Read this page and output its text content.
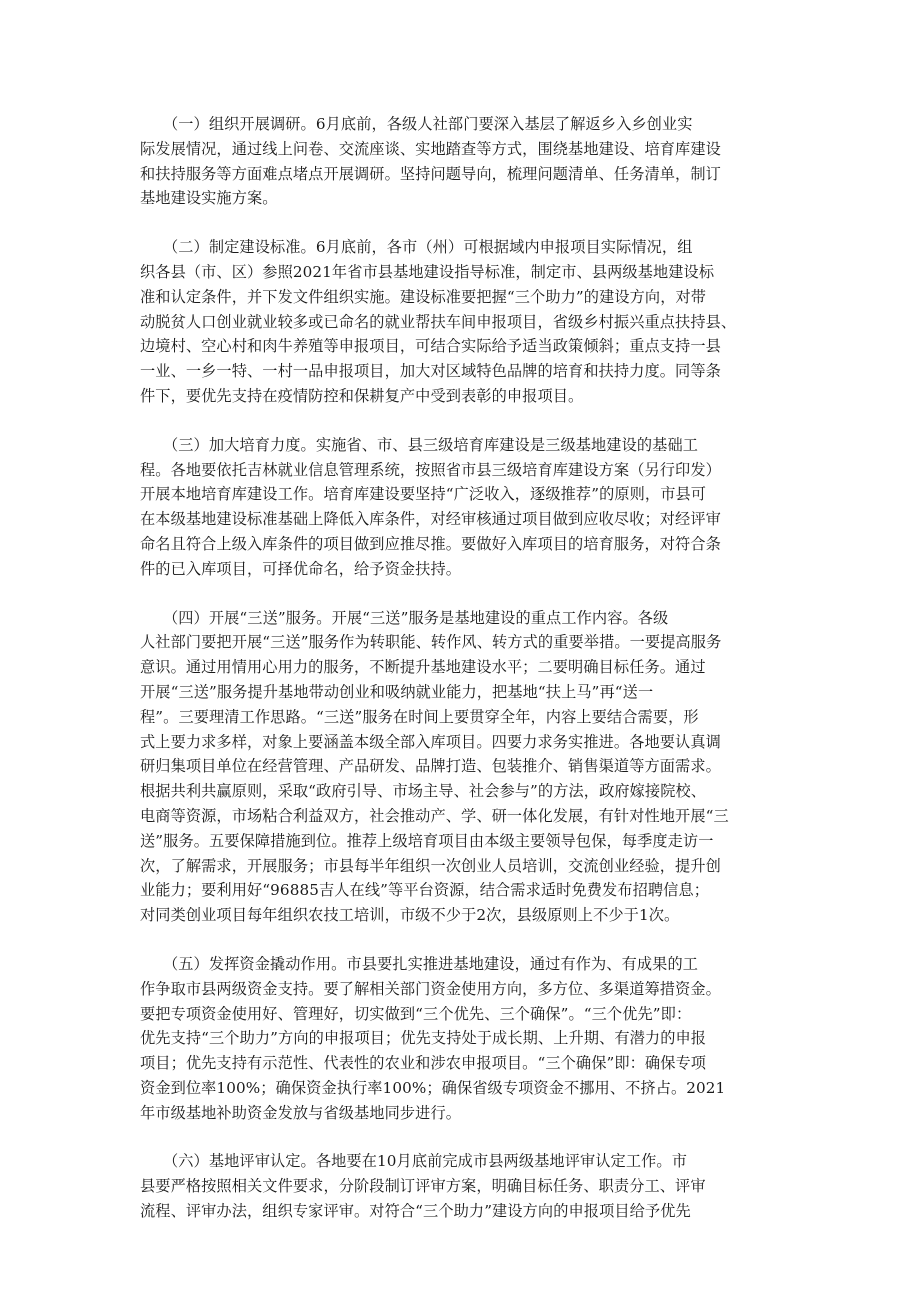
　　（一）组织开展调研。6月底前，各级人社部门要深入基层了解返乡入乡创业实
际发展情况，通过线上问卷、交流座谈、实地踏查等方式，围绕基地建设、培育库建设
和扶持服务等方面难点堵点开展调研。坚持问题导向，梳理问题清单、任务清单，制订
基地建设实施方案。

　　（二）制定建设标准。6月底前，各市（州）可根据域内申报项目实际情况，组
织各县（市、区）参照2021年省市县基地建设指导标准，制定市、县两级基地建设标
准和认定条件，并下发文件组织实施。建设标准要把握“三个助力”的建设方向，对带
动脱贫人口创业就业较多或已命名的就业帮扶车间申报项目，省级乡村振兴重点扶持县、
边境村、空心村和肉牛养殖等申报项目，可结合实际给予适当政策倾斜；重点支持一县
一业、一乡一特、一村一品申报项目，加大对区域特色品牌的培育和扶持力度。同等条
件下，要优先支持在疫情防控和保耕复产中受到表彰的申报项目。

　　（三）加大培育力度。实施省、市、县三级培育库建设是三级基地建设的基础工
程。各地要依托吉林就业信息管理系统，按照省市县三级培育库建设方案（另行印发）
开展本地培育库建设工作。培育库建设要坚持“广泛收入，逐级推荐”的原则，市县可
在本级基地建设标准基础上降低入库条件，对经审核通过项目做到应收尽收；对经评审
命名且符合上级入库条件的项目做到应推尽推。要做好入库项目的培育服务，对符合条
件的已入库项目，可择优命名，给予资金扶持。

　　（四）开展“三送”服务。开展“三送”服务是基地建设的重点工作内容。各级
人社部门要把开展“三送”服务作为转职能、转作风、转方式的重要举措。一要提高服务
意识。通过用情用心用力的服务，不断提升基地建设水平；二要明确目标任务。通过
开展“三送”服务提升基地带动创业和吸纳就业能力，把基地“扶上马”再“送一
程”。三要理清工作思路。“三送”服务在时间上要贯穿全年，内容上要结合需要，形
式上要力求多样，对象上要涵盖本级全部入库项目。四要力求务实推进。各地要认真调
研归集项目单位在经营管理、产品研发、品牌打造、包装推介、销售渠道等方面需求。
根据共利共赢原则，采取“政府引导、市场主导、社会参与”的方法，政府嫁接院校、
电商等资源，市场粘合利益双方，社会推动产、学、研一体化发展，有针对性地开展“三
送”服务。五要保障措施到位。推荐上级培育项目由本级主要领导包保，每季度走访一
次，了解需求，开展服务；市县每半年组织一次创业人员培训，交流创业经验，提升创
业能力；要利用好“96885吉人在线”等平台资源，结合需求适时免费发布招聘信息；
对同类创业项目每年组织农技工培训，市级不少于2次，县级原则上不少于1次。

　　（五）发挥资金撬动作用。市县要扎实推进基地建设，通过有作为、有成果的工
作争取市县两级资金支持。要了解相关部门资金使用方向，多方位、多渠道筹措资金。
要把专项资金使用好、管理好，切实做到“三个优先、三个确保”。“三个优先”即：
优先支持“三个助力”方向的申报项目；优先支持处于成长期、上升期、有潜力的申报
项目；优先支持有示范性、代表性的农业和涉农申报项目。“三个确保”即：确保专项
资金到位率100%；确保资金执行率100%；确保省级专项资金不挪用、不挤占。2021
年市级基地补助资金发放与省级基地同步进行。

　　（六）基地评审认定。各地要在10月底前完成市县两级基地评审认定工作。市
县要严格按照相关文件要求，分阶段制订评审方案，明确目标任务、职责分工、评审
流程、评审办法，组织专家评审。对符合“三个助力”建设方向的申报项目给予优先
